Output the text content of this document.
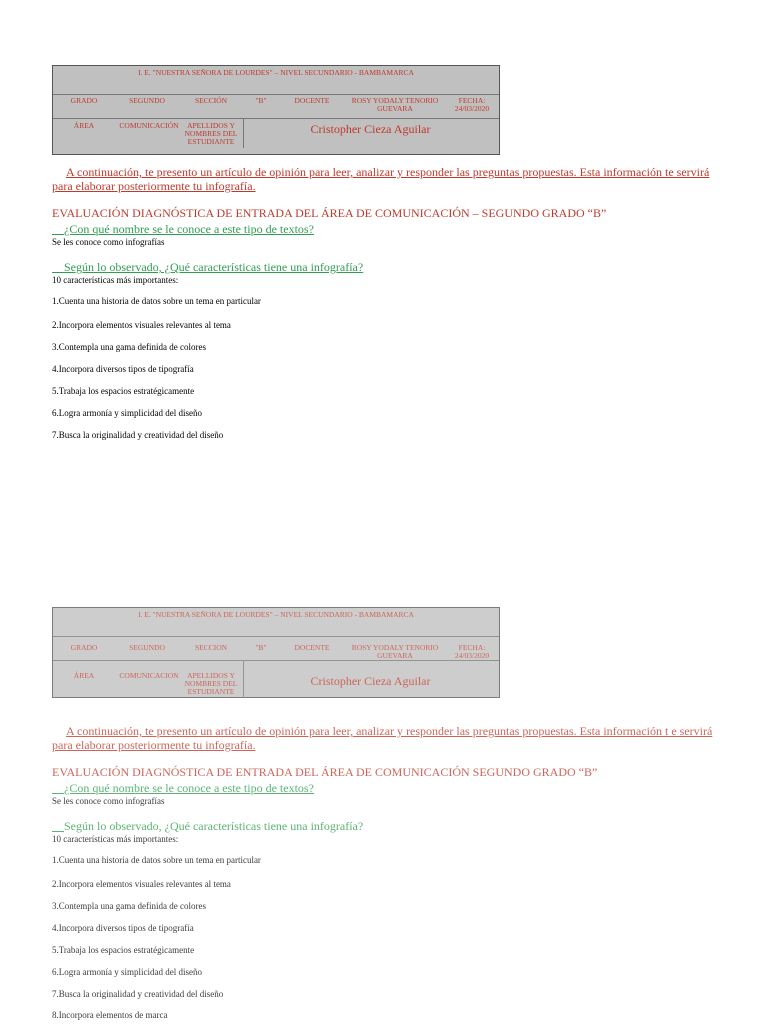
I. E. "NUESTRA SEÑORA DE LOURDES" – NIVEL SECUNDARIO - BAMBAMARCA
GRADO	SEGUNDO	SECCIÓN	"B"	DOCENTE	ROSY YODALY TENORIO GUEVARA
FECHA:
24/03/2020
ÁREA	COMUNICACIÓN	APELLIDOS Y NOMBRES DEL ESTUDIANTE
Cristopher Cieza Aguilar
A continuación, te presento un artículo de opinión para leer, analizar y responder las preguntas propuestas. Esta información te servirá para elaborar posteriormente tu infografía.
EVALUACIÓN DIAGNÓSTICA DE ENTRADA DEL ÁREA DE COMUNICACIÓN – SEGUNDO GRADO “B”
¿Con qué nombre se le conoce a este tipo de textos?
Se les conoce como infografías
Según lo observado, ¿Qué características tiene una infografía?
10 características más importantes:
1.Cuenta una historia de datos sobre un tema en particular
2.Incorpora elementos visuales relevantes al tema
3.Contempla una gama definida de colores
4.Incorpora diversos tipos de tipografía
5.Trabaja los espacios estratégicamente
6.Logra armonía y simplicidad del diseño
7.Busca la originalidad y creatividad del diseño
I. E. "NUESTRA SEÑORA DE LOURDES" – NIVEL SECUNDARIO - BAMBAMARCA
GRADO	SEGUNDO	SECCION	"B"	DOCENTE	ROSY YODALY TENORIO GUEVARA
FECHA:
24/03/2020
ÁREA	COMUNICACION	APELLIDOS Y NOMBRES DEL ESTUDIANTE
Cristopher Cieza Aguilar
A continuación, te presento un artículo de opinión para leer, analizar y responder las preguntas propuestas. Esta información t e servirá para elaborar posteriormente tu infografía.
EVALUACIÓN DIAGNÓSTICA DE ENTRADA DEL ÁREA DE COMUNICACIÓN SEGUNDO GRADO “B”
¿Con qué nombre se le conoce a este tipo de textos?
Se les conoce como infografías
Según lo observado, ¿Qué características tiene una infografía?
10 características más importantes:
1.Cuenta una historia de datos sobre un tema en particular
2.Incorpora elementos visuales relevantes al tema
3.Contempla una gama definida de colores
4.Incorpora diversos tipos de tipografía
5.Trabaja los espacios estratégicamente
6.Logra armonía y simplicidad del diseño
7.Busca la originalidad y creatividad del diseño
8.Incorpora elementos de marca
